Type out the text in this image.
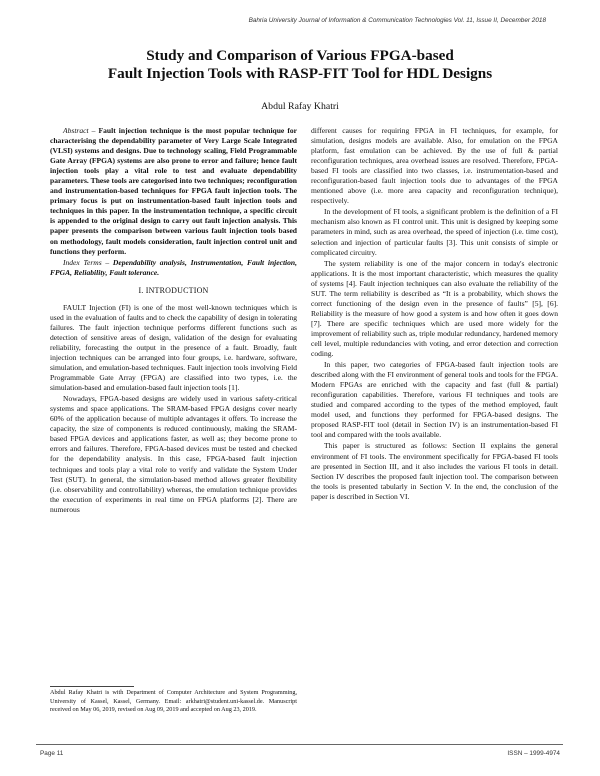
Bahria University Journal of Information & Communication Technologies Vol. 11, Issue II, December 2018
Study and Comparison of Various FPGA-based
Fault Injection Tools with RASP-FIT Tool for HDL Designs
Abdul Rafay Khatri

Abstract – Fault injection technique is the most popular technique for characterising the dependability parameter of Very Large Scale Integrated (VLSI) systems and designs. Due to technology scaling, Field Programmable Gate Array (FPGA) systems are also prone to error and failure; hence fault injection tools play a vital role to test and evaluate dependability parameters. These tools are categorised into two techniques; reconfiguration and instrumentation-based techniques for FPGA fault injection tools. The primary focus is put on instrumentation-based fault injection tools and techniques in this paper. In the instrumentation technique, a specific circuit is appended to the original design to carry out fault injection analysis. This paper presents the comparison between various fault injection tools based on methodology, fault models consideration, fault injection control unit and functions they perform.

Index Terms – Dependability analysis, Instrumentation, Fault injection, FPGA, Reliability, Fault tolerance.

I. INTRODUCTION

FAULT Injection (FI) is one of the most well-known techniques which is used in the evaluation of faults and to check the capability of design in tolerating failures. The fault injection technique performs different functions such as detection of sensitive areas of design, validation of the design for evaluating reliability, forecasting the output in the presence of a fault. Broadly, fault injection techniques can be arranged into four groups, i.e. hardware, software, simulation, and emulation-based techniques. Fault injection tools involving Field Programmable Gate Array (FPGA) are classified into two types, i.e. the simulation-based and emulation-based fault injection tools [1].

Nowadays, FPGA-based designs are widely used in various safety-critical systems and space applications. The SRAM-based FPGA designs cover nearly 60% of the application because of multiple advantages it offers. To increase the capacity, the size of components is reduced continuously, making the SRAM-based FPGA devices and applications faster, as well as; they become prone to errors and failures. Therefore, FPGA-based devices must be tested and checked for the dependability analysis. In this case, FPGA-based fault injection techniques and tools play a vital role to verify and validate the System Under Test (SUT). In general, the simulation-based method allows greater flexibility (i.e. observability and controllability) whereas, the emulation technique provides the execution of experiments in real time on FPGA platforms [2]. There are numerous

different causes for requiring FPGA in FI techniques, for example, for simulation, designs models are available. Also, for emulation on the FPGA platform, fast emulation can be achieved. By the use of full & partial reconfiguration techniques, area overhead issues are resolved. Therefore, FPGA-based FI tools are classified into two classes, i.e. instrumentation-based and reconfiguration-based fault injection tools due to advantages of the FPGA mentioned above (i.e. more area capacity and reconfiguration technique), respectively.

In the development of FI tools, a significant problem is the definition of a FI mechanism also known as FI control unit. This unit is designed by keeping some parameters in mind, such as area overhead, the speed of injection (i.e. time cost), selection and injection of particular faults [3]. This unit consists of simple or complicated circuitry.

The system reliability is one of the major concern in today's electronic applications. It is the most important characteristic, which measures the quality of systems [4]. Fault injection techniques can also evaluate the reliability of the SUT. The term reliability is described as “It is a probability, which shows the correct functioning of the design even in the presence of faults” [5], [6]. Reliability is the measure of how good a system is and how often it goes down [7]. There are specific techniques which are used more widely for the improvement of reliability such as, triple modular redundancy, hardened memory cell level, multiple redundancies with voting, and error detection and correction coding.

In this paper, two categories of FPGA-based fault injection tools are described along with the FI environment of general tools and tools for the FPGA. Modern FPGAs are enriched with the capacity and fast (full & partial) reconfiguration capabilities. Therefore, various FI techniques and tools are studied and compared according to the types of the method employed, fault model used, and functions they performed for FPGA-based designs. The proposed RASP-FIT tool (detail in Section IV) is an instrumentation-based FI tool and compared with the tools available.

This paper is structured as follows: Section II explains the general environment of FI tools. The environment specifically for FPGA-based FI tools are presented in Section III, and it also includes the various FI tools in detail. Section IV describes the proposed fault injection tool. The comparison between the tools is presented tabularly in Section V. In the end, the conclusion of the paper is described in Section VI.

Abdul Rafay Khatri is with Department of Computer Architecture and System Programming, University of Kassel, Kassel, Germany. Email: arkhatri@student.uni-kassel.de. Manuscript received on May 06, 2019, revised on Aug 09, 2019 and accepted on Aug 23, 2019.
Page 11	ISSN – 1999-4974
